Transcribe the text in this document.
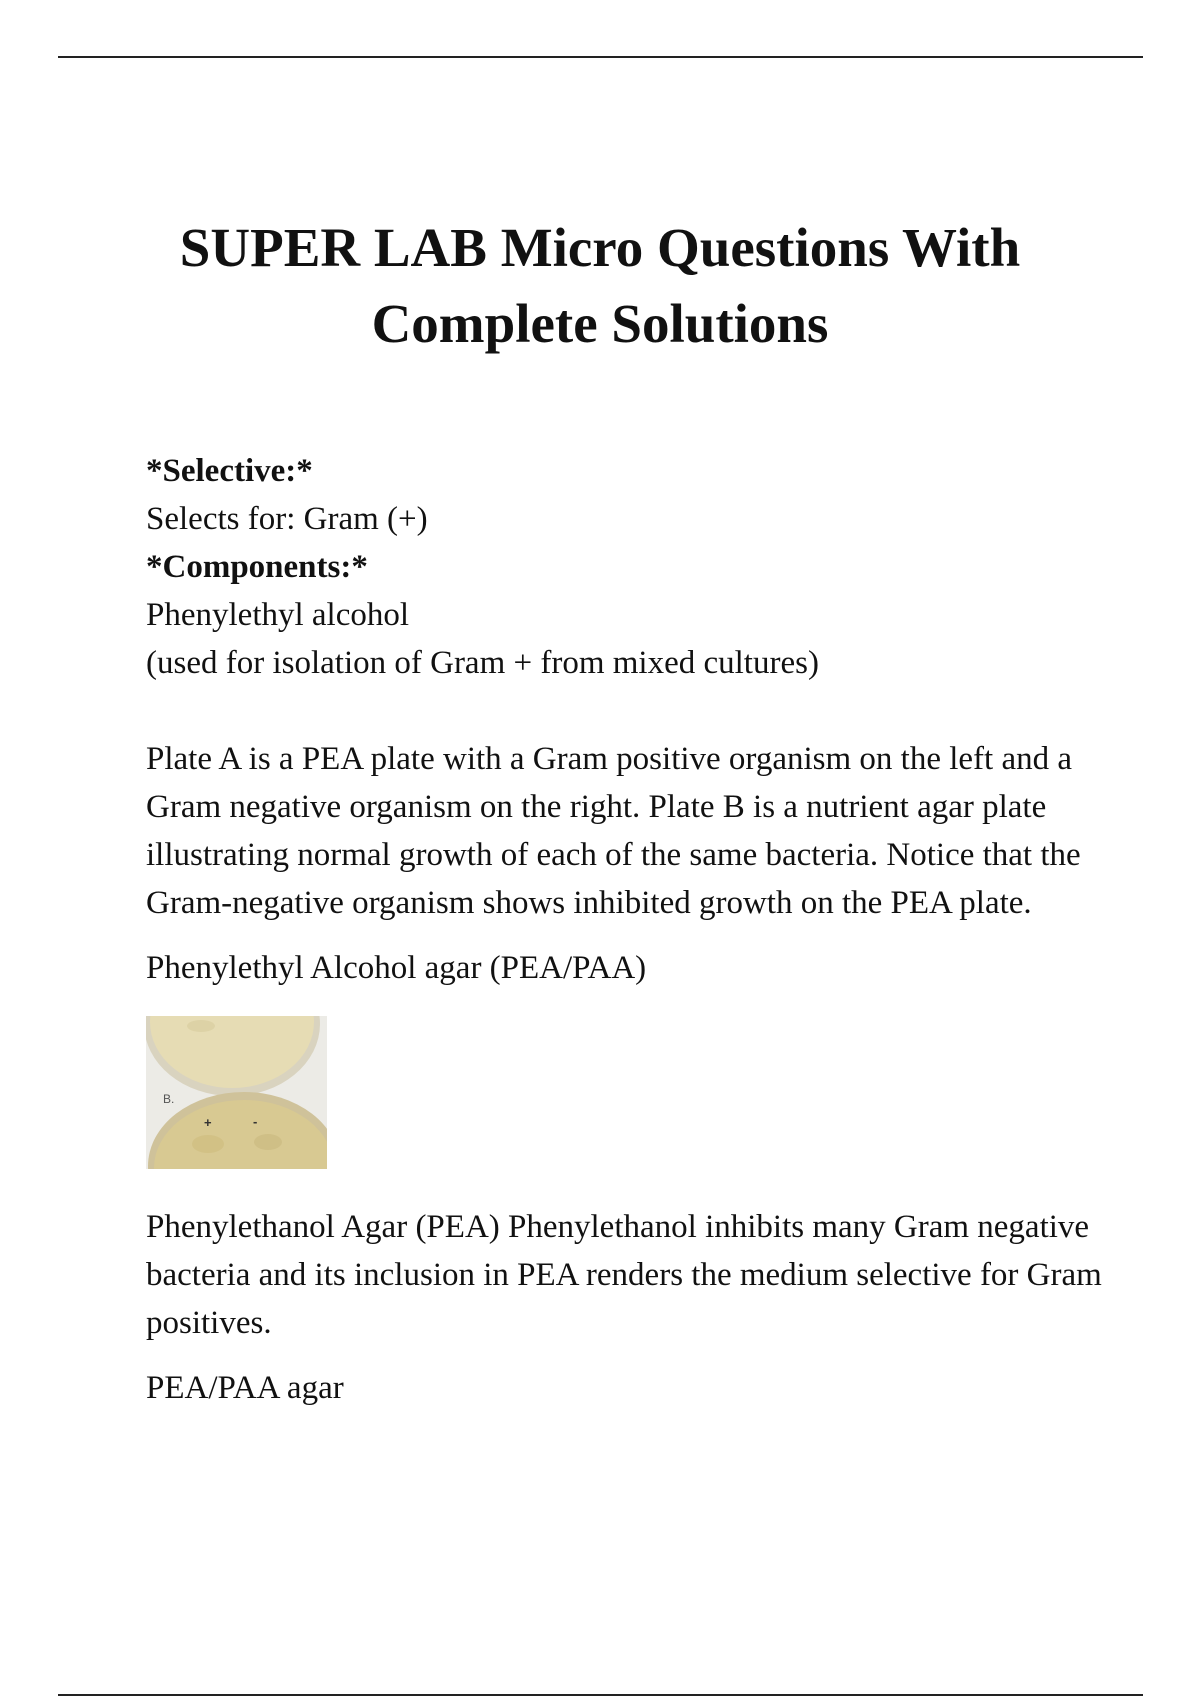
SUPER LAB Micro Questions With
Complete Solutions

*Selective:*

Selects for: Gram (+)

*Components:*

Phenylethyl alcohol

(used for isolation of Gram + from mixed cultures)

Plate A is a PEA plate with a Gram positive organism on the left and a Gram negative organism on the right. Plate B is a nutrient agar plate illustrating normal growth of each of the same bacteria. Notice that the Gram-negative organism shows inhibited growth on the PEA plate.

Phenylethyl Alcohol agar (PEA/PAA)

B.
+	-

Phenylethanol Agar (PEA) Phenylethanol inhibits many Gram negative bacteria and its inclusion in PEA renders the medium selective for Gram positives.

PEA/PAA agar
